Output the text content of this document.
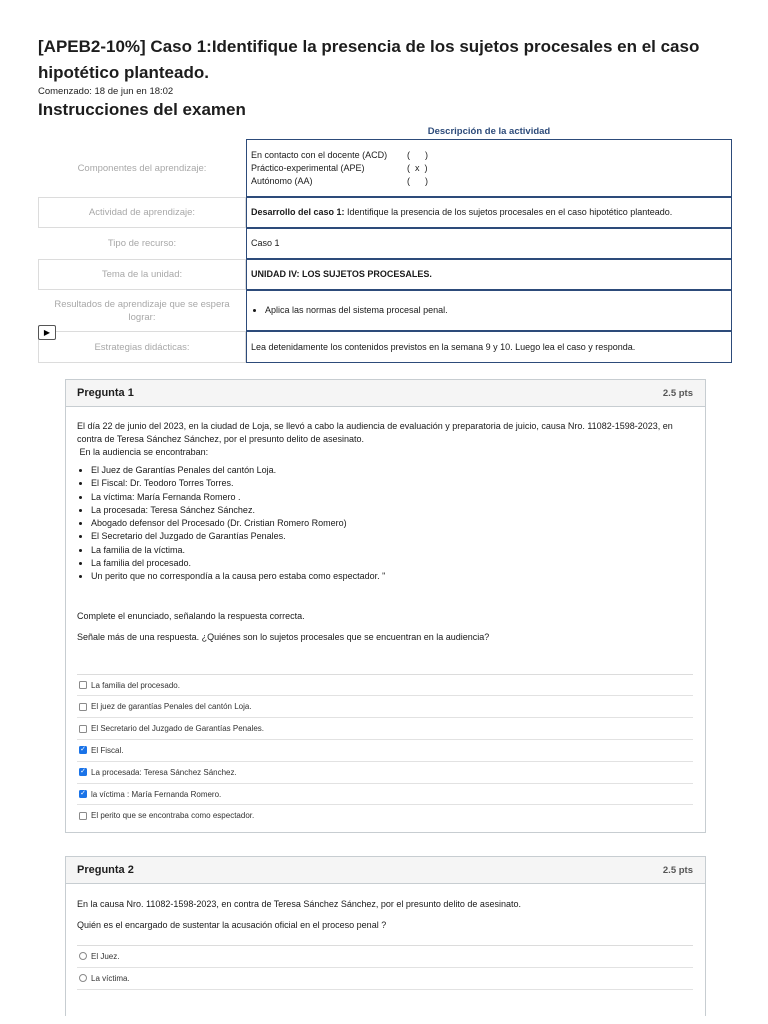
[APEB2-10%] Caso 1:Identifique la presencia de los sujetos procesales en el caso hipotético planteado.
Comenzado: 18 de jun en 18:02
Instrucciones del examen
Descripción de la actividad
Componentes del aprendizaje:
En contacto con el docente (ACD)	(      )
Práctico-experimental (APE)	(  x  )
Autónomo (AA)	(      )
Actividad de aprendizaje:	Desarrollo del caso 1: Identifique la presencia de los sujetos procesales en el caso hipotético planteado.
Tipo de recurso:	Caso 1
Tema de la unidad:	UNIDAD IV: LOS SUJETOS PROCESALES.
Resultados de aprendizaje que se espera lograr:
• Aplica las normas del sistema procesal penal.
Estrategias didácticas:	Lea detenidamente los contenidos previstos en la semana 9 y 10. Luego lea el caso y responda.
▶
Pregunta 1	2.5 pts
El día 22 de junio del 2023, en la ciudad de Loja, se llevó a cabo la audiencia de evaluación y preparatoria de juicio, causa Nro. 11082-1598-2023, en contra de Teresa Sánchez Sánchez, por el presunto delito de asesinato.
En la audiencia se encontraban:
• El Juez de Garantías Penales del cantón Loja.
• El Fiscal: Dr. Teodoro Torres Torres.
• La víctima: María Fernanda Romero .
• La procesada: Teresa Sánchez Sánchez.
• Abogado defensor del Procesado (Dr. Cristian Romero Romero)
• El Secretario del Juzgado de Garantías Penales.
• La familia de la víctima.
• La familia del procesado.
• Un perito que no correspondía a la causa pero estaba como espectador. "
Complete el enunciado, señalando la respuesta correcta.
Señale más de una respuesta. ¿Quiénes son lo sujetos procesales que se encuentran en la audiencia?
La familia del procesado.
El juez de garantías Penales del cantón Loja.
El Secretario del Juzgado de Garantías Penales.
✓ El Fiscal.
✓ La procesada: Teresa Sánchez Sánchez.
✓ la víctima : María Fernanda Romero.
El perito que se encontraba como espectador.
Pregunta 2	2.5 pts
En la causa Nro. 11082-1598-2023, en contra de Teresa Sánchez Sánchez, por el presunto delito de asesinato.
Quién es el encargado de sustentar la acusación oficial en el proceso penal ?
El Juez.
La víctima.
